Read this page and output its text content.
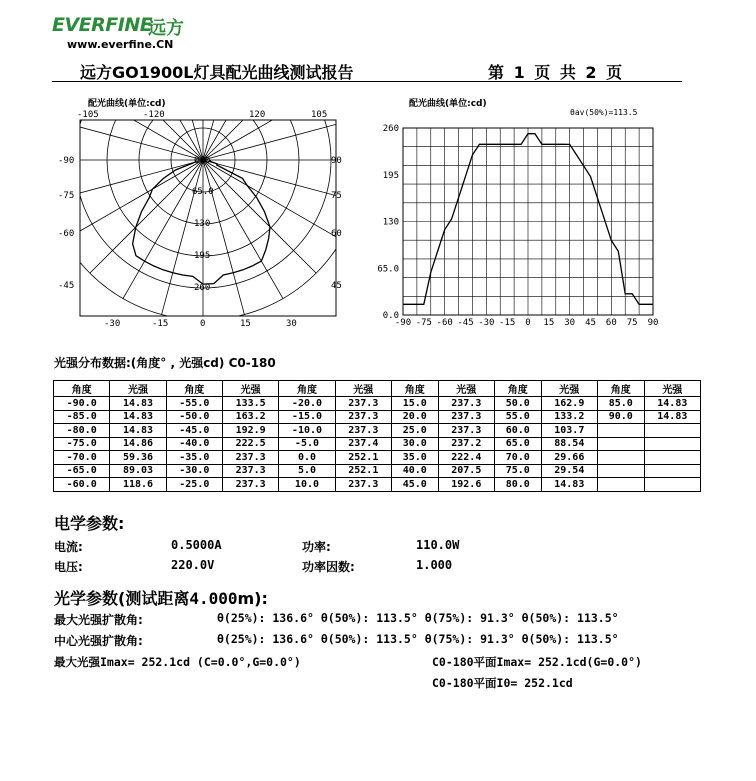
EVERFINE
远方
www.everfine.CN
远方GO1900L灯具配光曲线测试报告	第 1 页 共 2 页
配光曲线(单位:cd)
-105	-120	120	105
-90
-75
-60
-45
90
75
60
45
-30	-15	0	15	30
0.0
65.0
130
195
260
配光曲线(单位:cd)
θav(50%)=113.5
0.0
65.0
130
195
260
-90 -75 -60 -45 -30 -15 0 15 30 45 60 75 90
光强分布数据:(角度° , 光强cd) C0-180
角度	光强	角度	光强	角度	光强	角度	光强	角度	光强	角度	光强
-90.0	14.83	-55.0	133.5	-20.0	237.3	15.0	237.3	50.0	162.9	85.0	14.83
-85.0	14.83	-50.0	163.2	-15.0	237.3	20.0	237.3	55.0	133.2	90.0	14.83
-80.0	14.83	-45.0	192.9	-10.0	237.3	25.0	237.3	60.0	103.7		
-75.0	14.86	-40.0	222.5	-5.0	237.4	30.0	237.2	65.0	88.54		
-70.0	59.36	-35.0	237.3	0.0	252.1	35.0	222.4	70.0	29.66		
-65.0	89.03	-30.0	237.3	5.0	252.1	40.0	207.5	75.0	29.54		
-60.0	118.6	-25.0	237.3	10.0	237.3	45.0	192.6	80.0	14.83		
电学参数:
电流:	0.5000A	功率:	110.0W
电压:	220.0V	功率因数:	1.000
光学参数(测试距离4.000m):
最大光强扩散角:	θ(25%): 136.6° θ(50%): 113.5° θ(75%): 91.3° θ(50%): 113.5°
中心光强扩散角:	θ(25%): 136.6° θ(50%): 113.5° θ(75%): 91.3° θ(50%): 113.5°
最大光强Imax= 252.1cd (C=0.0°,G=0.0°)	C0-180平面Imax= 252.1cd(G=0.0°)
C0-180平面I0= 252.1cd
